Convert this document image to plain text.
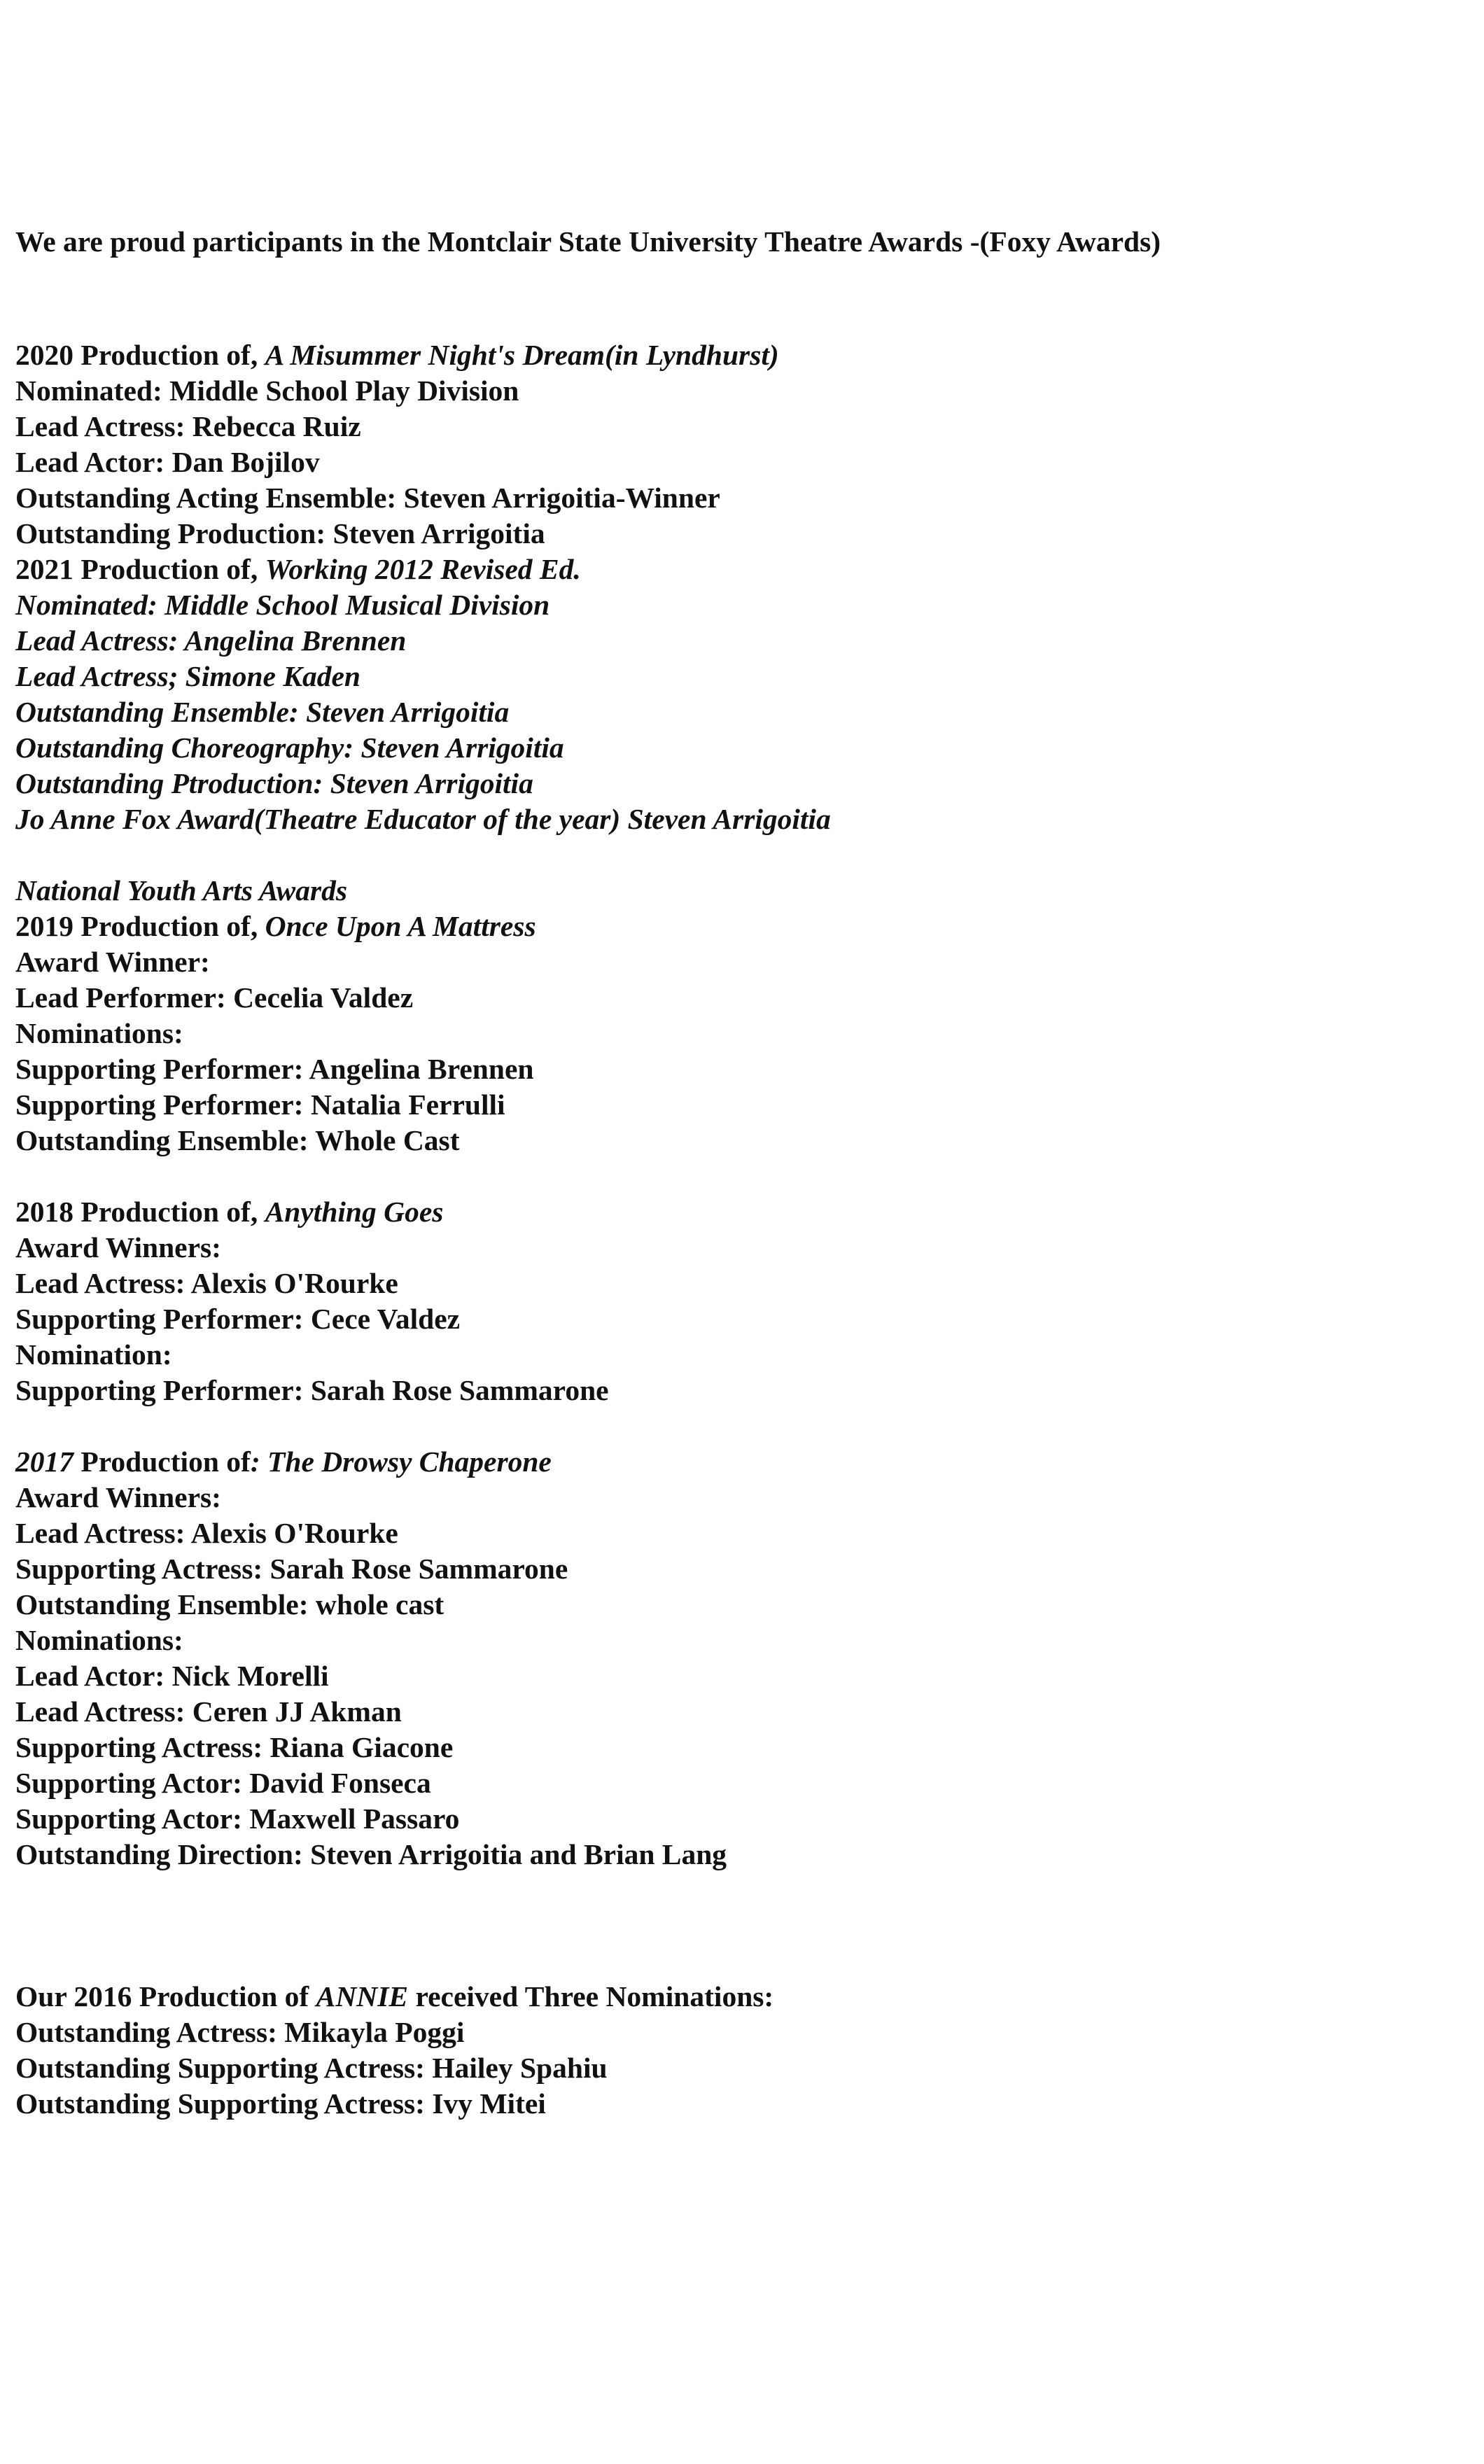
We are proud participants in the Montclair State University Theatre Awards -(Foxy Awards)
2020 Production of, A Misummer Night's Dream(in Lyndhurst)
Nominated: Middle School Play Division
Lead Actress: Rebecca Ruiz
Lead Actor: Dan Bojilov
Outstanding Acting Ensemble: Steven Arrigoitia-Winner
Outstanding Production: Steven Arrigoitia
2021 Production of, Working 2012 Revised Ed.
Nominated: Middle School Musical Division
Lead Actress: Angelina Brennen
Lead Actress; Simone Kaden
Outstanding Ensemble: Steven Arrigoitia
Outstanding Choreography: Steven Arrigoitia
Outstanding Ptroduction: Steven Arrigoitia
Jo Anne Fox Award(Theatre Educator of the year) Steven Arrigoitia
National Youth Arts Awards
2019 Production of, Once Upon A Mattress
Award Winner:
Lead Performer: Cecelia Valdez
Nominations:
Supporting Performer: Angelina Brennen
Supporting Performer: Natalia Ferrulli
Outstanding Ensemble: Whole Cast
2018 Production of, Anything Goes
Award Winners:
Lead Actress: Alexis O'Rourke
Supporting Performer: Cece Valdez
Nomination:
Supporting Performer: Sarah Rose Sammarone
2017 Production of: The Drowsy Chaperone
Award Winners:
Lead Actress: Alexis O'Rourke
Supporting Actress: Sarah Rose Sammarone
Outstanding Ensemble: whole cast
Nominations:
Lead Actor: Nick Morelli
Lead Actress: Ceren JJ Akman
Supporting Actress: Riana Giacone
Supporting Actor: David Fonseca
Supporting Actor: Maxwell Passaro
Outstanding Direction: Steven Arrigoitia and Brian Lang
Our 2016 Production of ANNIE received Three Nominations:
Outstanding Actress: Mikayla Poggi
Outstanding Supporting Actress: Hailey Spahiu
Outstanding Supporting Actress: Ivy Mitei
